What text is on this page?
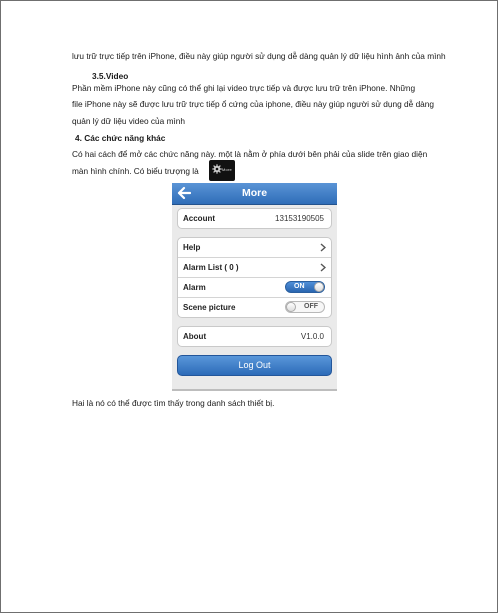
lưu trữ trực tiếp trên iPhone, điều này giúp người sử dụng dễ dàng quản lý dữ liệu hình ảnh của mình
3.5.Video
Phần mềm iPhone này cũng có thể ghi lại video trực tiếp và được lưu trữ trên iPhone. Những
file iPhone này sẽ được lưu trữ trực tiếp ổ cứng của iphone, điều này giúp người sử dụng dễ dàng
quản lý dữ liệu video của mình
4. Các chức năng khác
Có hai cách để mở các chức năng này. một là nằm ở phía dưới bên phải của slide trên giao diện
màn hình chính. Có biểu trượng là	More
More
Account	13153190505
Help
Alarm List ( 0 )
Alarm	ON
Scene picture	OFF
About	V1.0.0
Log Out
Hai là nó có thể được tìm thấy trong danh sách thiết bị.
